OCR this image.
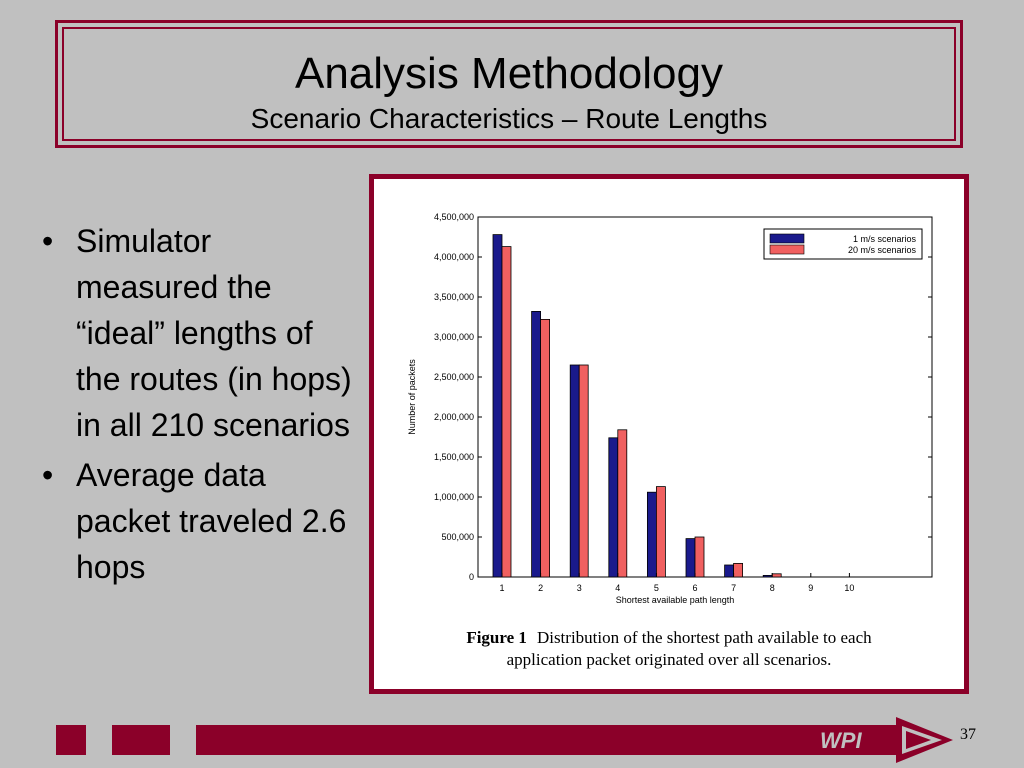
Analysis Methodology
Scenario Characteristics – Route Lengths
• Simulator measured the “ideal” lengths of the routes (in hops) in all 210 scenarios
• Average data packet traveled 2.6 hops	0
500,000
1,000,000
1,500,000
2,000,000
2,500,000
3,000,000
3,500,000
4,000,000
4,500,000
1	2	3	4	5	6	7	8	9	10
Shortest available path length
Number of packets
1 m/s scenarios
20 m/s scenarios
Figure 1 Distribution of the shortest path available to each
application packet originated over all scenarios.
WPI	37
